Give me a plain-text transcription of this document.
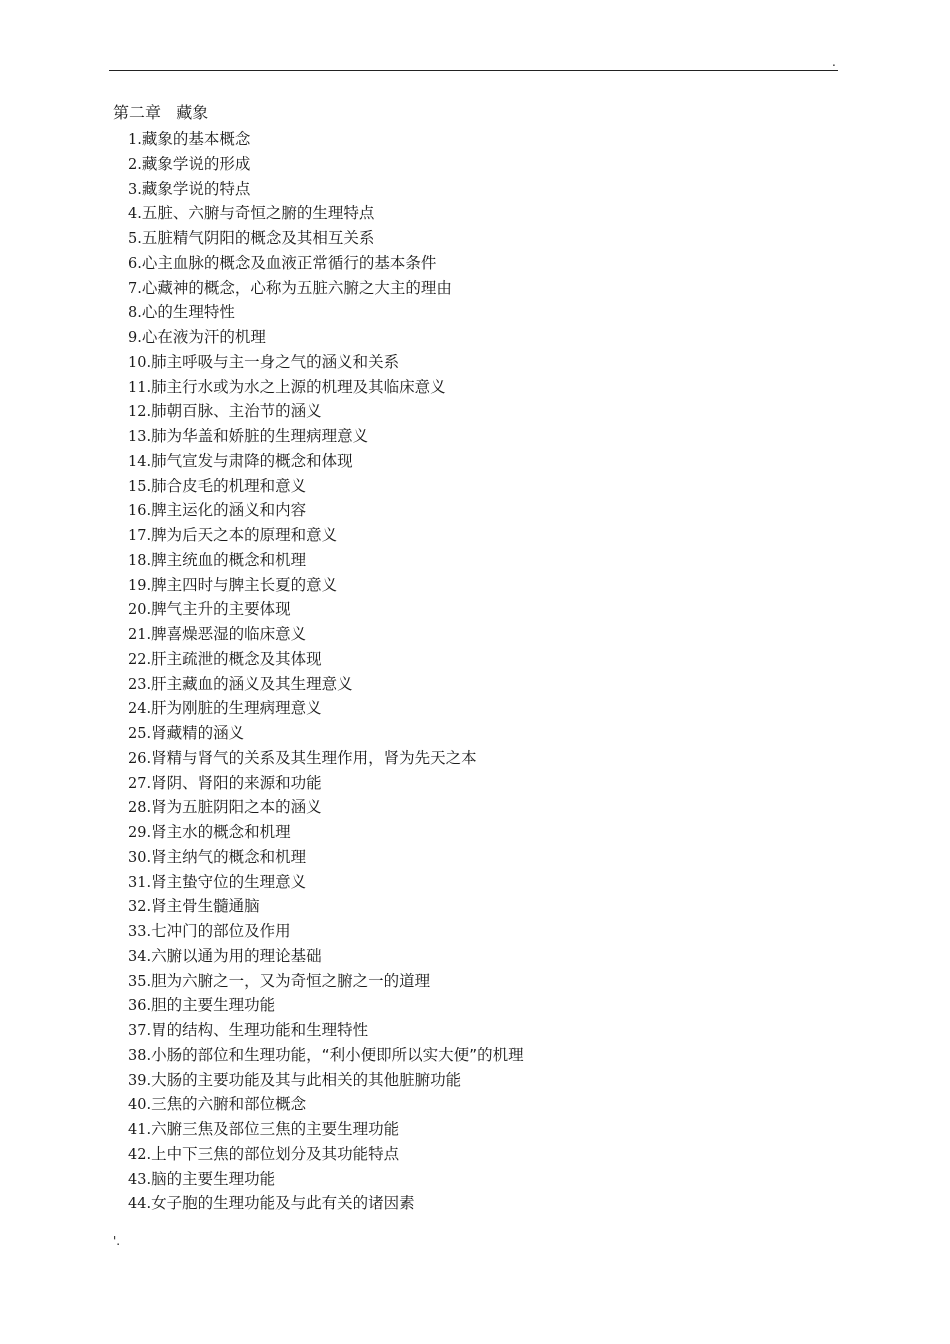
.
第二章   藏象
1.藏象的基本概念
2.藏象学说的形成
3.藏象学说的特点
4.五脏、六腑与奇恒之腑的生理特点
5.五脏精气阴阳的概念及其相互关系
6.心主血脉的概念及血液正常循行的基本条件
7.心藏神的概念，心称为五脏六腑之大主的理由
8.心的生理特性
9.心在液为汗的机理
10.肺主呼吸与主一身之气的涵义和关系
11.肺主行水或为水之上源的机理及其临床意义
12.肺朝百脉、主治节的涵义
13.肺为华盖和娇脏的生理病理意义
14.肺气宣发与肃降的概念和体现
15.肺合皮毛的机理和意义
16.脾主运化的涵义和内容
17.脾为后天之本的原理和意义
18.脾主统血的概念和机理
19.脾主四时与脾主长夏的意义
20.脾气主升的主要体现
21.脾喜燥恶湿的临床意义
22.肝主疏泄的概念及其体现
23.肝主藏血的涵义及其生理意义
24.肝为刚脏的生理病理意义
25.肾藏精的涵义
26.肾精与肾气的关系及其生理作用，肾为先天之本
27.肾阴、肾阳的来源和功能
28.肾为五脏阴阳之本的涵义
29.肾主水的概念和机理
30.肾主纳气的概念和机理
31.肾主蛰守位的生理意义
32.肾主骨生髓通脑
33.七冲门的部位及作用
34.六腑以通为用的理论基础
35.胆为六腑之一，又为奇恒之腑之一的道理
36.胆的主要生理功能
37.胃的结构、生理功能和生理特性
38.小肠的部位和生理功能，“利小便即所以实大便”的机理
39.大肠的主要功能及其与此相关的其他脏腑功能
40.三焦的六腑和部位概念
41.六腑三焦及部位三焦的主要生理功能
42.上中下三焦的部位划分及其功能特点
43.脑的主要生理功能
44.女子胞的生理功能及与此有关的诸因素
'.
